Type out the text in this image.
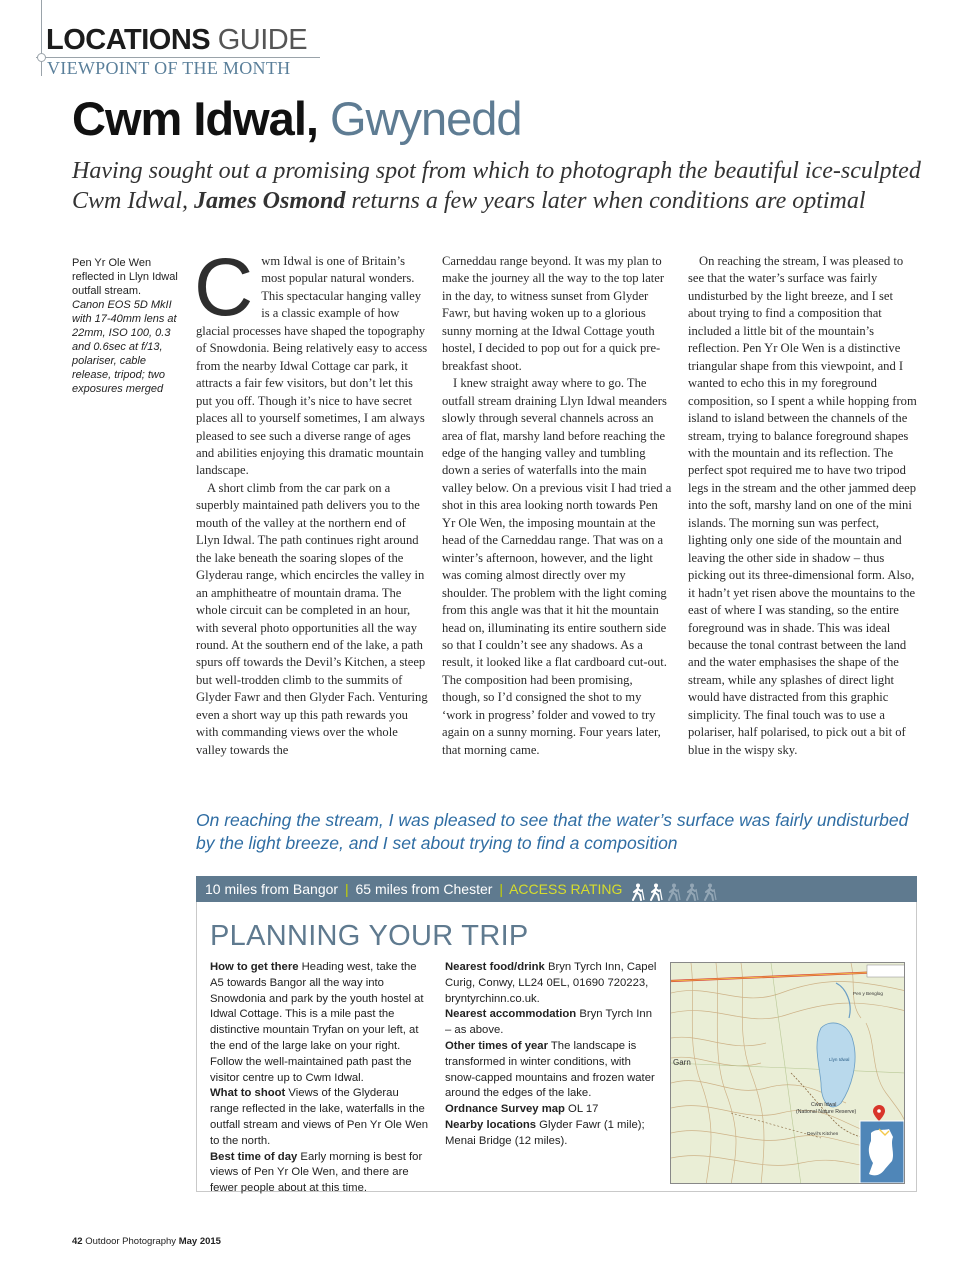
LOCATIONS GUIDE
VIEWPOINT OF THE MONTH
Cwm Idwal, Gwynedd
Having sought out a promising spot from which to photograph the beautiful ice-sculpted Cwm Idwal, James Osmond returns a few years later when conditions are optimal
Pen Yr Ole Wen reflected in Llyn Idwal outfall stream.
Canon EOS 5D MkII with 17-40mm lens at 22mm, ISO 100, 0.3 and 0.6sec at f/13, polariser, cable release, tripod; two exposures merged
C wm Idwal is one of Britain’s most popular natural wonders. This spectacular hanging valley is a classic example of how glacial processes have shaped the topography of Snowdonia. Being relatively easy to access from the nearby Idwal Cottage car park, it attracts a fair few visitors, but don’t let this put you off. Though it’s nice to have secret places all to yourself sometimes, I am always pleased to see such a diverse range of ages and abilities enjoying this dramatic mountain landscape.

A short climb from the car park on a superbly maintained path delivers you to the mouth of the valley at the northern end of Llyn Idwal. The path continues right around the lake beneath the soaring slopes of the Glyderau range, which encircles the valley in an amphitheatre of mountain drama. The whole circuit can be completed in an hour, with several photo opportunities all the way round. At the southern end of the lake, a path spurs off towards the Devil’s Kitchen, a steep but well-trodden climb to the summits of Glyder Fawr and then Glyder Fach. Venturing even a short way up this path rewards you with commanding views over the whole valley towards the

Carneddau range beyond. It was my plan to make the journey all the way to the top later in the day, to witness sunset from Glyder Fawr, but having woken up to a glorious sunny morning at the Idwal Cottage youth hostel, I decided to pop out for a quick pre-breakfast shoot.

I knew straight away where to go. The outfall stream draining Llyn Idwal meanders slowly through several channels across an area of flat, marshy land before reaching the edge of the hanging valley and tumbling down a series of waterfalls into the main valley below. On a previous visit I had tried a shot in this area looking north towards Pen Yr Ole Wen, the imposing mountain at the head of the Carneddau range. That was on a winter’s afternoon, however, and the light was coming almost directly over my shoulder. The problem with the light coming from this angle was that it hit the mountain head on, illuminating its entire southern side so that I couldn’t see any shadows. As a result, it looked like a flat cardboard cut-out. The composition had been promising, though, so I’d consigned the shot to my ‘work in progress’ folder and vowed to try again on a sunny morning. Four years later, that morning came.

On reaching the stream, I was pleased to see that the water’s surface was fairly undisturbed by the light breeze, and I set about trying to find a composition that included a little bit of the mountain’s reflection. Pen Yr Ole Wen is a distinctive triangular shape from this viewpoint, and I wanted to echo this in my foreground composition, so I spent a while hopping from island to island between the channels of the stream, trying to balance foreground shapes with the mountain and its reflection. The perfect spot required me to have two tripod legs in the stream and the other jammed deep into the soft, marshy land on one of the mini islands. The morning sun was perfect, lighting only one side of the mountain and leaving the other side in shadow – thus picking out its three-dimensional form. Also, it hadn’t yet risen above the mountains to the east of where I was standing, so the entire foreground was in shade. This was ideal because the tonal contrast between the land and the water emphasises the shape of the stream, while any splashes of direct light would have distracted from this graphic simplicity. The final touch was to use a polariser, half polarised, to pick out a bit of blue in the wispy sky.

On reaching the stream, I was pleased to see that the water’s surface was fairly undisturbed by the light breeze, and I set about trying to find a composition
10 miles from Bangor | 65 miles from Chester | ACCESS RATING
PLANNING YOUR TRIP
How to get there Heading west, take the A5 towards Bangor all the way into Snowdonia and park by the youth hostel at Idwal Cottage. This is a mile past the distinctive mountain Tryfan on your left, at the end of the large lake on your right. Follow the well-maintained path past the visitor centre up to Cwm Idwal.
What to shoot Views of the Glyderau range reflected in the lake, waterfalls in the outfall stream and views of Pen Yr Ole Wen to the north.
Best time of day Early morning is best for views of Pen Yr Ole Wen, and there are fewer people about at this time.
Nearest food/drink Bryn Tyrch Inn, Capel Curig, Conwy, LL24 0EL, 01690 720223, bryntyrchinn.co.uk.
Nearest accommodation Bryn Tyrch Inn – as above.
Other times of year The landscape is transformed in winter conditions, with snow-capped mountains and frozen water around the edges of the lake.
Ordnance Survey map OL 17
Nearby locations Glyder Fawr (1 mile); Menai Bridge (12 miles).
Garn
Cwm Idwal
(National Nature Reserve)
Devil's Kitchen
Pen y Benglog
Llyn Idwal
42 Outdoor Photography May 2015
